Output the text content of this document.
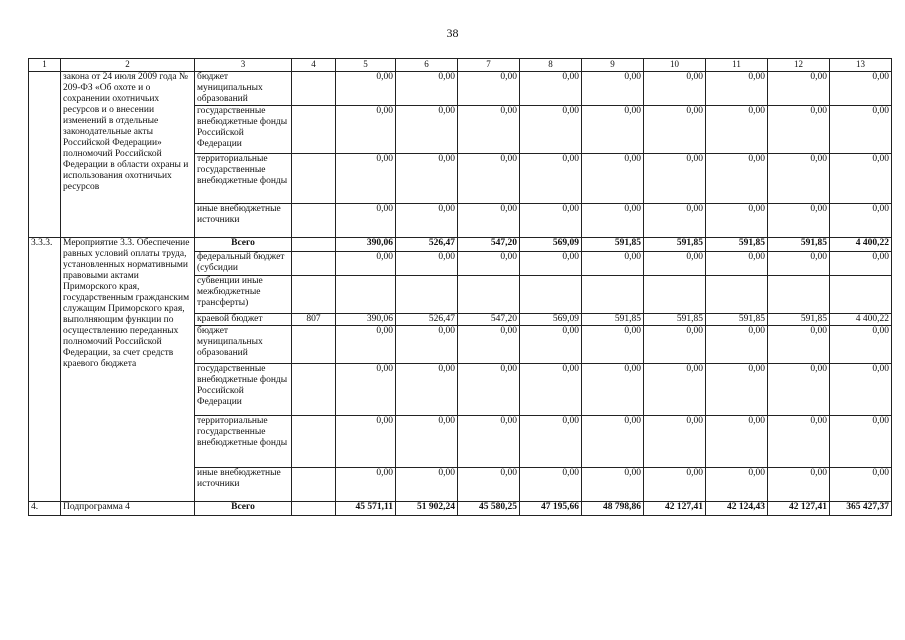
38
1	2	3	4	5	6	7	8	9	10	11	12	13
	закона от 24 июля 2009 года № 209-ФЗ «Об охоте и о сохранении охотничьих ресурсов и о внесении изменений в отдельные законодательные акты Российской Федерации» полномочий Российской Федерации в области охраны и использования охотничьих ресурсов	бюджет муниципальных образований		0,00	0,00	0,00	0,00	0,00	0,00	0,00	0,00	0,00
		государственные внебюджетные фонды Российской Федерации		0,00	0,00	0,00	0,00	0,00	0,00	0,00	0,00	0,00
		территориальные государственные внебюджетные фонды		0,00	0,00	0,00	0,00	0,00	0,00	0,00	0,00	0,00
		иные внебюджетные источники		0,00	0,00	0,00	0,00	0,00	0,00	0,00	0,00	0,00
3.3.3.	Мероприятие 3.3. Обеспечение равных условий оплаты труда, установленных нормативными правовыми актами Приморского края, государственным гражданским служащим Приморского края, выполняющим функции по осуществлению переданных полномочий Российской Федерации, за счет средств краевого бюджета	Всего		390,06	526,47	547,20	569,09	591,85	591,85	591,85	591,85	4 400,22
		федеральный бюджет (субсидии		0,00	0,00	0,00	0,00	0,00	0,00	0,00	0,00	0,00
		субвенции иные межбюджетные трансферты)										
		краевой бюджет	807	390,06	526,47	547,20	569,09	591,85	591,85	591,85	591,85	4 400,22
		бюджет муниципальных образований		0,00	0,00	0,00	0,00	0,00	0,00	0,00	0,00	0,00
		государственные внебюджетные фонды Российской Федерации		0,00	0,00	0,00	0,00	0,00	0,00	0,00	0,00	0,00
		территориальные государственные внебюджетные фонды		0,00	0,00	0,00	0,00	0,00	0,00	0,00	0,00	0,00
		иные внебюджетные источники		0,00	0,00	0,00	0,00	0,00	0,00	0,00	0,00	0,00
4.	Подпрограмма 4	Всего		45 571,11	51 902,24	45 580,25	47 195,66	48 798,86	42 127,41	42 124,43	42 127,41	365 427,37
